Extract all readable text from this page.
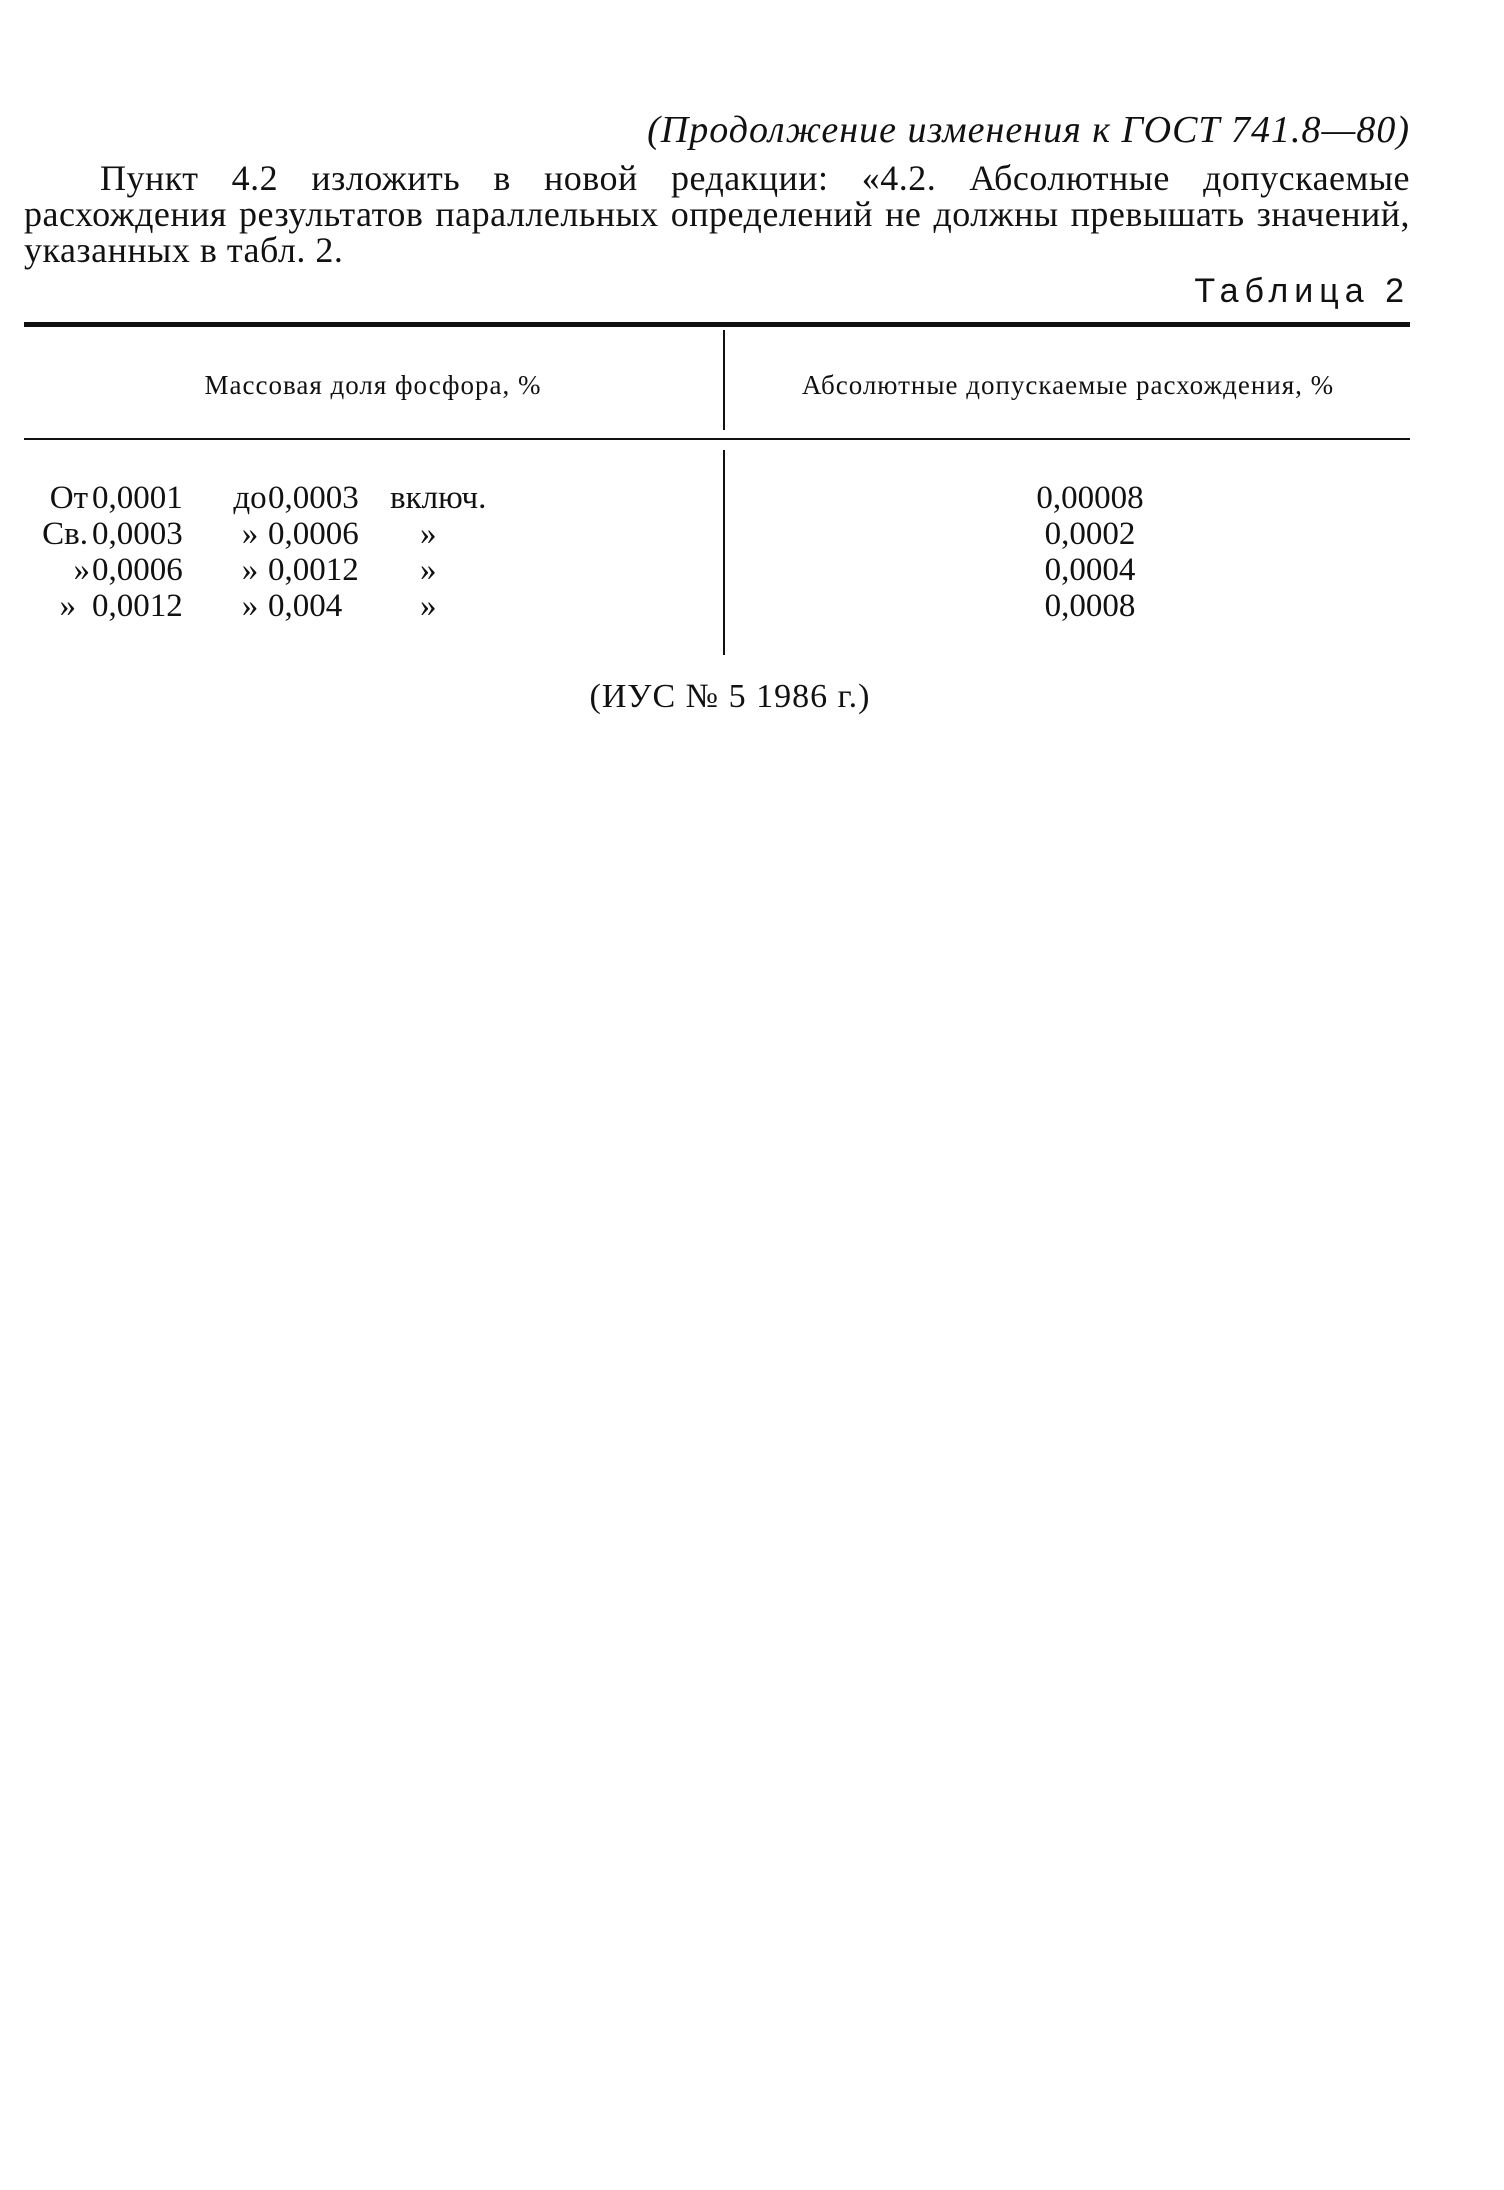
(Продолжение изменения к ГОСТ 741.8—80)
Пункт 4.2 изложить в новой редакции: «4.2. Абсолютные допускаемые расхождения результатов параллельных определений не должны превышать значений, указанных в табл. 2.
Таблица 2
Массовая доля фосфора, %	Абсолютные допускаемые расхождения, %
От 0,0001 до 0,0003 включ.	0,00008
Св. 0,0003 » 0,0006 »	0,0002
» 0,0006 » 0,0012 »	0,0004
» 0,0012 » 0,004 »	0,0008
(ИУС № 5 1986 г.)
